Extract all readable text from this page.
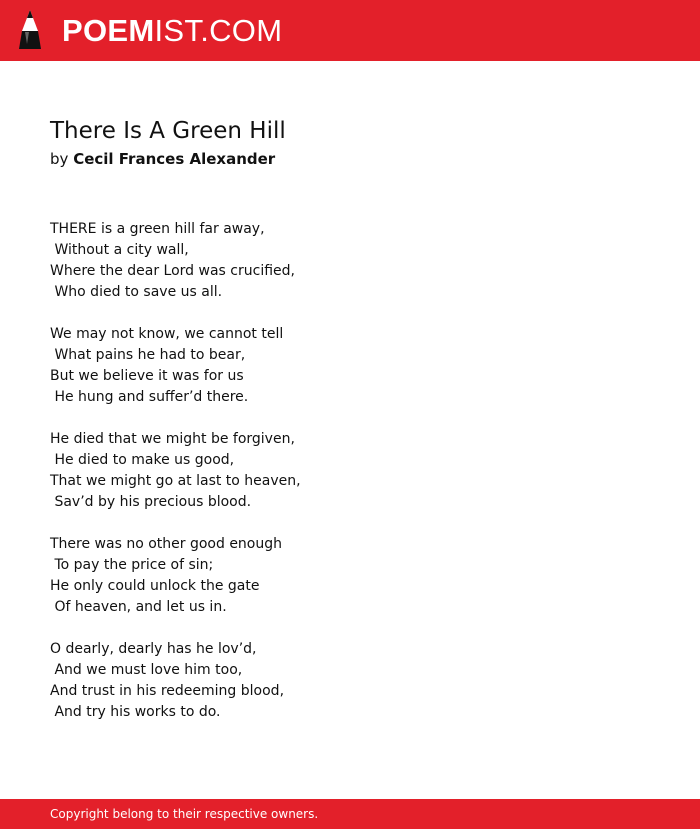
POEMIST.COM
There Is A Green Hill
by Cecil Frances Alexander
THERE is a green hill far away,
Without a city wall,
Where the dear Lord was crucified,
Who died to save us all.
We may not know, we cannot tell
What pains he had to bear,
But we believe it was for us
He hung and suffer’d there.
He died that we might be forgiven,
He died to make us good,
That we might go at last to heaven,
Sav’d by his precious blood.
There was no other good enough
To pay the price of sin;
He only could unlock the gate
Of heaven, and let us in.
O dearly, dearly has he lov’d,
And we must love him too,
And trust in his redeeming blood,
And try his works to do.
Copyright belong to their respective owners.
